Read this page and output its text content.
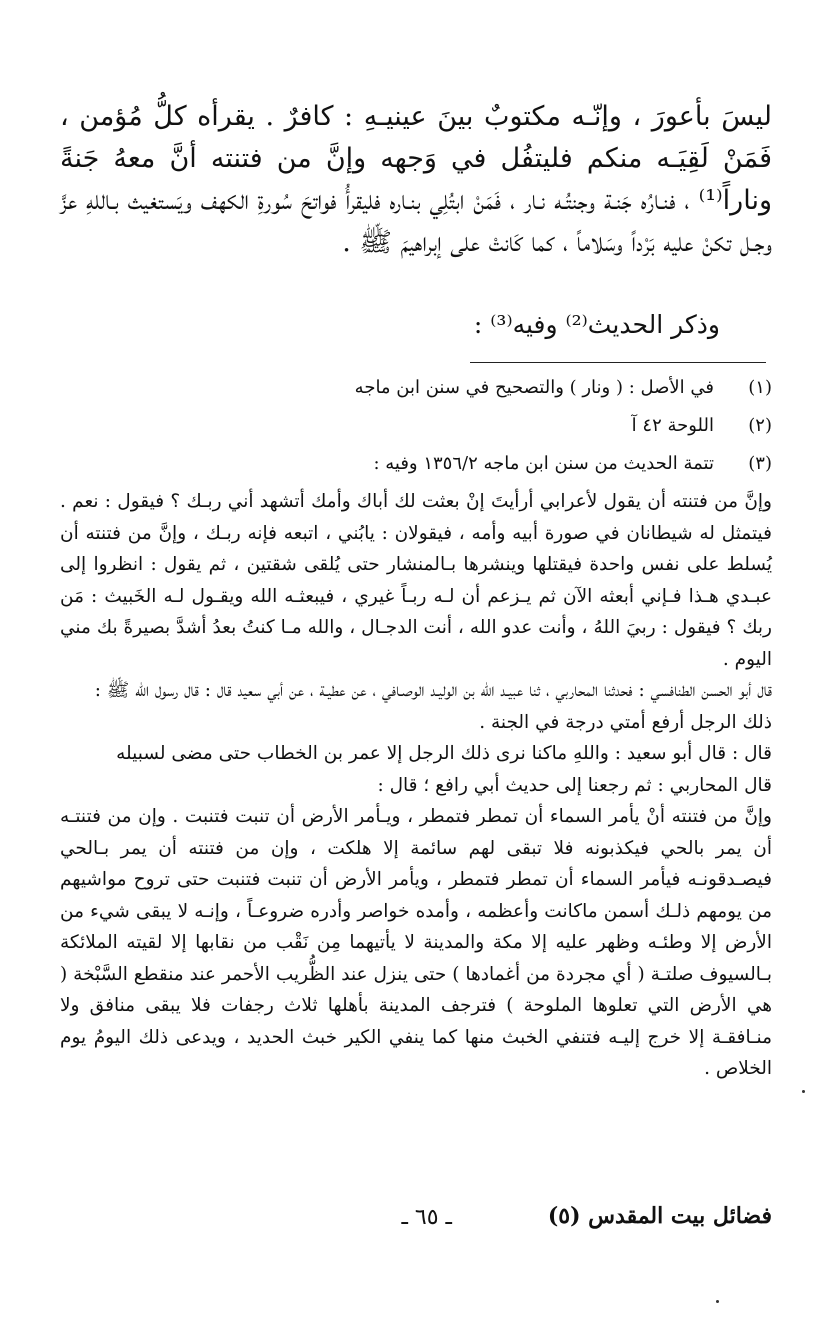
ليسَ بأعورَ ، وإنّـه مكتوبٌ بينَ عينيـهِ : كافرٌ . يقرأه كلُّ مُؤمن ، فَمَنْ لَقِيَـه منكم فليتفُل في وَجهه وإنَّ من فتنته أنَّ معهُ جَنةً وناراً⁽¹⁾ ، فنـارُه جَنـة وجنتُـه نـار ، فَمَنْ ابتُلِي بنـاره فليقرأُ فواتحَ سُورةِ الكهف ويَستغيث بـاللهِ عزَّ وجـل تكنْ عليه بَرْداً وسَلاماً ، كما كَانتْ على إبراهيمَ ﷺ .

وذكر الحديث⁽²⁾ وفيه⁽³⁾ :
(١)
في الأصل : ( ونار ) والتصحيح في سنن ابن ماجه
(٢)
اللوحة ٤٢ آ
(٣)
تتمة الحديث من سنن ابن ماجه ١٣٥٦/٢ وفيه :

وإنَّ من فتنته أن يقول لأعرابي أرأيتَ إنْ بعثت لك أباك وأمك أتشهد أني ربـك ؟ فيقول : نعم . فيتمثل له شيطانان في صورة أبيه وأمه ، فيقولان : يابُني ، اتبعه فإنه ربـك ، وإنَّ من فتنته أن يُسلط على نفس واحدة فيقتلها وينشرها بـالمنشار حتى يُلقى شقتين ، ثم يقول : انظروا إلى عبـدي هـذا فـإني أبعثه الآن ثم يـزعم أن لـه ربـاً غيري ، فيبعثـه الله ويقـول لـه الخَبيث : مَن ربك ؟ فيقول : ربيَ اللهُ ، وأنت عدو الله ، أنت الدجـال ، والله مـا كنتُ بعدُ أشدَّ بصيرةً بك مني اليوم .

قال أبو الحسن الطنافسي : فحدثنا المحاربي ، ثنا عبيـد الله بن الوليـد الوصـافي ، عن عطيـة ، عن أبي سعيد قال : قال رسول الله ﷺ :

ذلك الرجل أرفع أمتي درجة في الجنة .

قال : قال أبو سعيد : واللهِ ماكنا نرى ذلك الرجل إلا عمر بن الخطاب حتى مضى لسبيله

قال المحاربي : ثم رجعنا إلى حديث أبي رافع ؛ قال :

وإنَّ من فتنته أنْ يأمر السماء أن تمطر فتمطر ، ويـأمر الأرض أن تنبت فتنبت . وإن من فتنتـه أن يمر بالحي فيكذبونه فلا تبقى لهم سائمة إلا هلكت ، وإن من فتنته أن يمر بـالحي فيصـدقونـه فيأمر السماء أن تمطر فتمطر ، ويأمر الأرض أن تنبت فتنبت حتى تروح مواشيهم من يومهم ذلـك أسمن ماكانت وأعظمه ، وأمده خواصر وأدره ضروعـاً ، وإنـه لا يبقى شيء من الأرض إلا وطئـه وظهر عليه إلا مكة والمدينة لا يأتيهما مِن نَقْب من نقابها إلا لقيته الملائكة بـالسيوف صلتـة ( أي مجردة من أغمادها ) حتى ينزل عند الظُّريب الأحمر عند منقطع السَّبْخة ( هي الأرض التي تعلوها الملوحة ) فترجف المدينة بأهلها ثلاث رجفات فلا يبقى منافق ولا منـافقـة إلا خرج إليـه فتنفي الخبث منها كما ينفي الكير خبث الحديد ، ويدعى ذلك اليومُ يوم الخلاص .

فضائل بيت المقدس (٥)
ـ ٦٥ ـ
